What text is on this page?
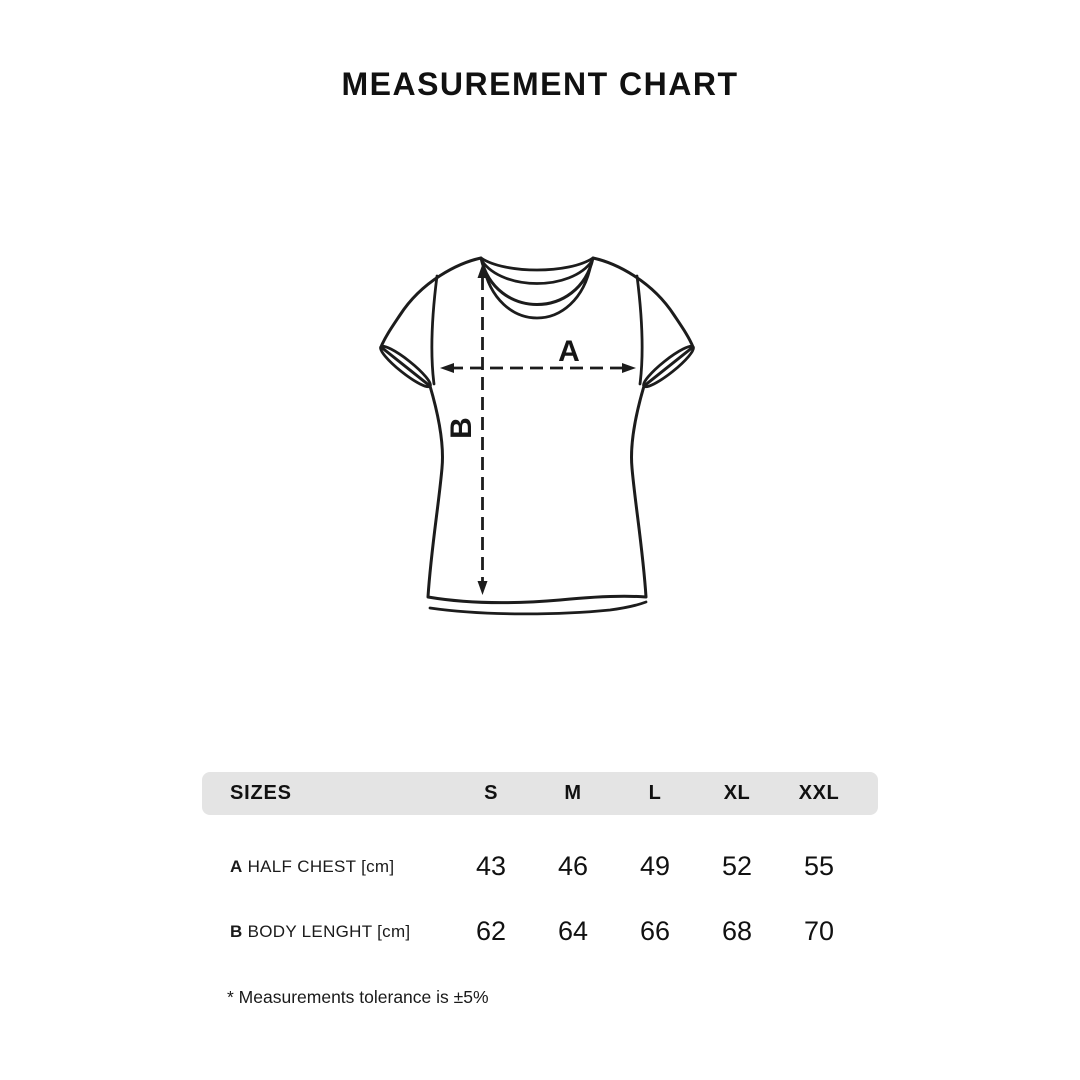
MEASUREMENT CHART
A
B
SIZES	S	M	L	XL	XXL
A HALF CHEST [cm]	43	46	49	52	55
B BODY LENGHT [cm]	62	64	66	68	70
* Measurements tolerance is ±5%
